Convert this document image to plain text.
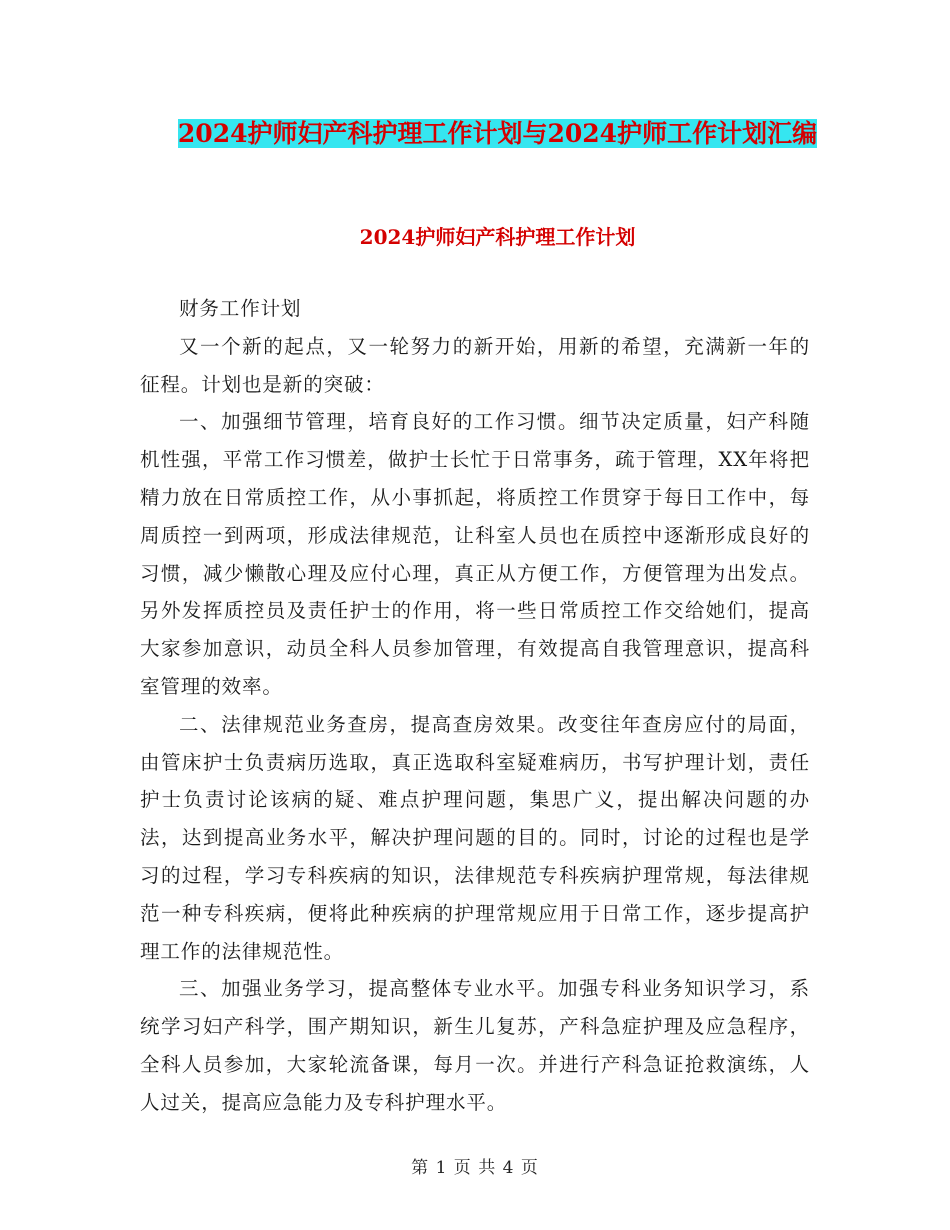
2024护师妇产科护理工作计划与2024护师工作计划汇编
2024护师妇产科护理工作计划

财务工作计划

又一个新的起点，又一轮努力的新开始，用新的希望，充满新一年的征程。计划也是新的突破：

一、加强细节管理，培育良好的工作习惯。细节决定质量，妇产科随机性强，平常工作习惯差，做护士长忙于日常事务，疏于管理，XX年将把精力放在日常质控工作，从小事抓起，将质控工作贯穿于每日工作中，每周质控一到两项，形成法律规范，让科室人员也在质控中逐渐形成良好的习惯，减少懒散心理及应付心理，真正从方便工作，方便管理为出发点。另外发挥质控员及责任护士的作用，将一些日常质控工作交给她们，提高大家参加意识，动员全科人员参加管理，有效提高自我管理意识，提高科室管理的效率。

二、法律规范业务查房，提高查房效果。改变往年查房应付的局面，由管床护士负责病历选取，真正选取科室疑难病历，书写护理计划，责任护士负责讨论该病的疑、难点护理问题，集思广义，提出解决问题的办法，达到提高业务水平，解决护理问题的目的。同时，讨论的过程也是学习的过程，学习专科疾病的知识，法律规范专科疾病护理常规，每法律规范一种专科疾病，便将此种疾病的护理常规应用于日常工作，逐步提高护理工作的法律规范性。

三、加强业务学习，提高整体专业水平。加强专科业务知识学习，系统学习妇产科学，围产期知识，新生儿复苏，产科急症护理及应急程序，全科人员参加，大家轮流备课，每月一次。并进行产科急证抢救演练，人人过关，提高应急能力及专科护理水平。

第 1 页 共 4 页
